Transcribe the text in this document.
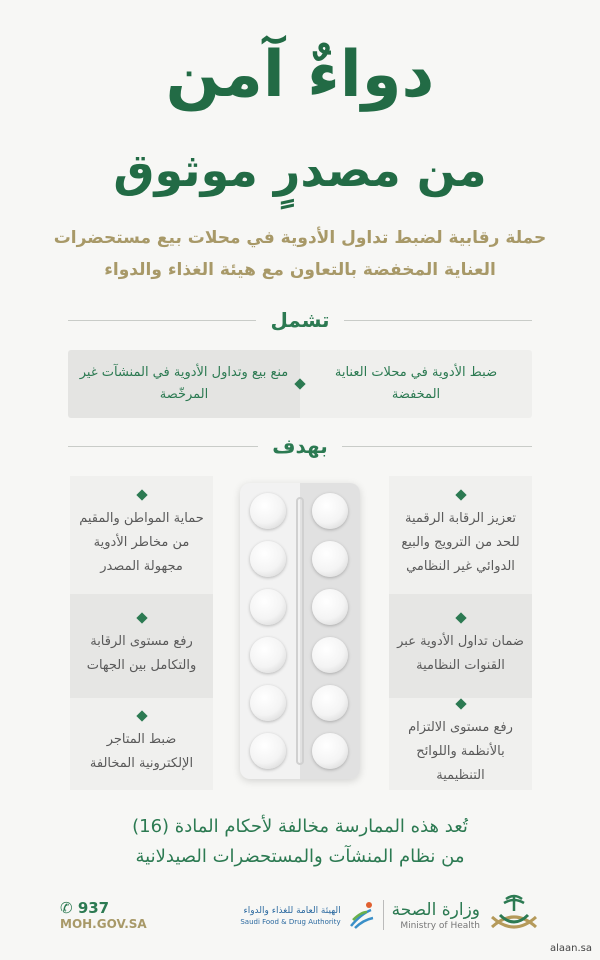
دواءٌ آمن
من مصدرٍ موثوق
حملة رقابية لضبط تداول الأدوية في محلات بيع مستحضرات
العناية المخفضة بالتعاون مع هيئة الغذاء والدواء
تشمل
ضبط الأدوية في محلات العناية المخفضة
منع بيع وتداول الأدوية في المنشآت غير المرخّصة
بهدف
تعزيز الرقابة الرقمية للحد من الترويج والبيع الدوائي غير النظامي
ضمان تداول الأدوية عبر القنوات النظامية
رفع مستوى الالتزام بالأنظمة واللوائح التنظيمية
حماية المواطن والمقيم من مخاطر الأدوية مجهولة المصدر
رفع مستوى الرقابة والتكامل بين الجهات
ضبط المتاجر الإلكترونية المخالفة
تُعد هذه الممارسة مخالفة لأحكام المادة (16)
من نظام المنشآت والمستحضرات الصيدلانية
وزارة الصحة
Ministry of Health
الهيئة العامة للغذاء والدواء
Saudi Food & Drug Authority
✆ 937
MOH.GOV.SA
alaan.sa
